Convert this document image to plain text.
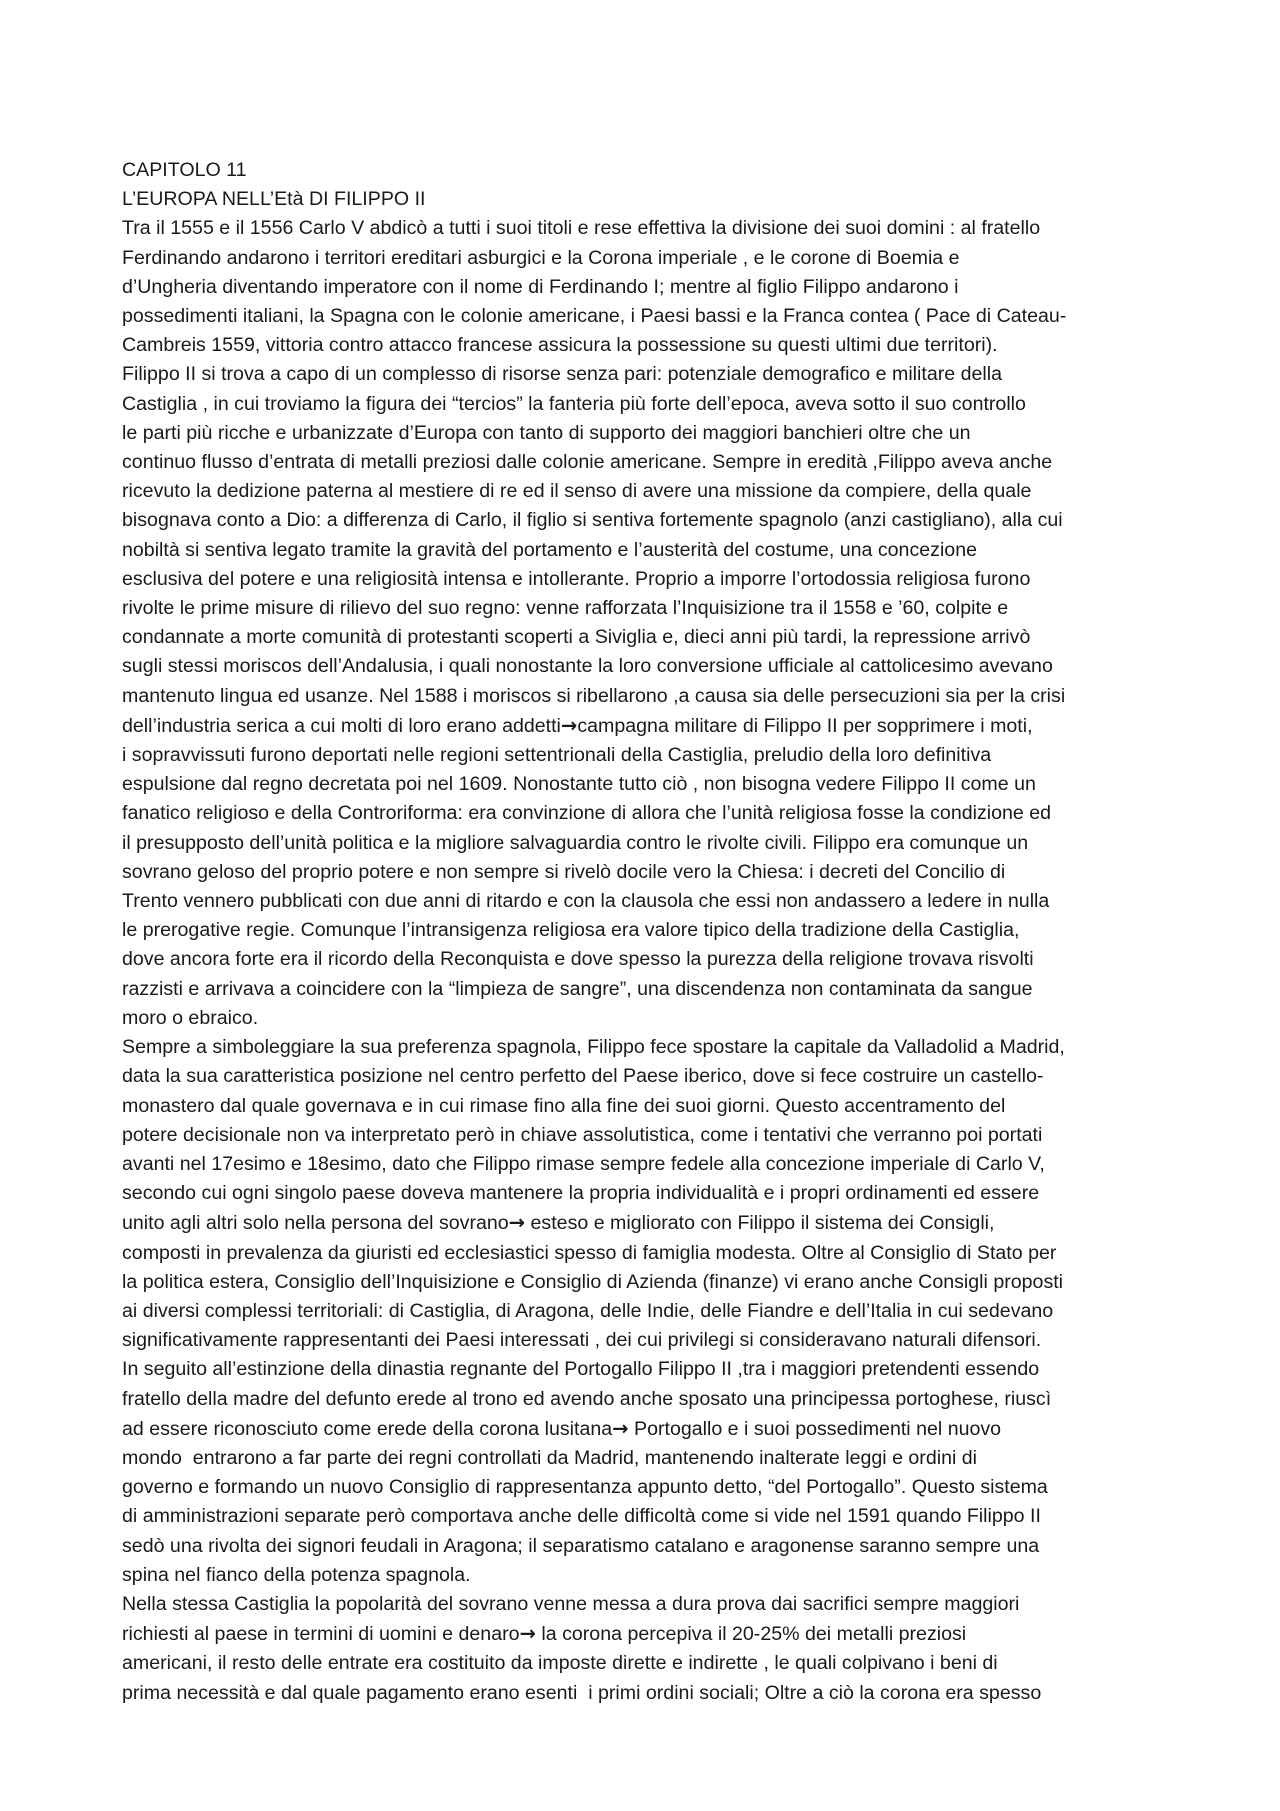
CAPITOLO 11
L’EUROPA NELL’Età DI FILIPPO II
Tra il 1555 e il 1556 Carlo V abdicò a tutti i suoi titoli e rese effettiva la divisione dei suoi domini : al fratello
Ferdinando andarono i territori ereditari asburgici e la Corona imperiale , e le corone di Boemia e
d’Ungheria diventando imperatore con il nome di Ferdinando I; mentre al figlio Filippo andarono i
possedimenti italiani, la Spagna con le colonie americane, i Paesi bassi e la Franca contea ( Pace di Cateau-
Cambreis 1559, vittoria contro attacco francese assicura la possessione su questi ultimi due territori).
Filippo II si trova a capo di un complesso di risorse senza pari: potenziale demografico e militare della
Castiglia , in cui troviamo la figura dei “tercios” la fanteria più forte dell’epoca, aveva sotto il suo controllo
le parti più ricche e urbanizzate d’Europa con tanto di supporto dei maggiori banchieri oltre che un
continuo flusso d’entrata di metalli preziosi dalle colonie americane. Sempre in eredità ,Filippo aveva anche
ricevuto la dedizione paterna al mestiere di re ed il senso di avere una missione da compiere, della quale
bisognava conto a Dio: a differenza di Carlo, il figlio si sentiva fortemente spagnolo (anzi castigliano), alla cui
nobiltà si sentiva legato tramite la gravità del portamento e l’austerità del costume, una concezione
esclusiva del potere e una religiosità intensa e intollerante. Proprio a imporre l’ortodossia religiosa furono
rivolte le prime misure di rilievo del suo regno: venne rafforzata l’Inquisizione tra il 1558 e ’60, colpite e
condannate a morte comunità di protestanti scoperti a Siviglia e, dieci anni più tardi, la repressione arrivò
sugli stessi moriscos dell’Andalusia, i quali nonostante la loro conversione ufficiale al cattolicesimo avevano
mantenuto lingua ed usanze. Nel 1588 i moriscos si ribellarono ,a causa sia delle persecuzioni sia per la crisi
dell’industria serica a cui molti di loro erano addetti→campagna militare di Filippo II per sopprimere i moti,
i sopravvissuti furono deportati nelle regioni settentrionali della Castiglia, preludio della loro definitiva
espulsione dal regno decretata poi nel 1609. Nonostante tutto ciò , non bisogna vedere Filippo II come un
fanatico religioso e della Controriforma: era convinzione di allora che l’unità religiosa fosse la condizione ed
il presupposto dell’unità politica e la migliore salvaguardia contro le rivolte civili. Filippo era comunque un
sovrano geloso del proprio potere e non sempre si rivelò docile vero la Chiesa: i decreti del Concilio di
Trento vennero pubblicati con due anni di ritardo e con la clausola che essi non andassero a ledere in nulla
le prerogative regie. Comunque l’intransigenza religiosa era valore tipico della tradizione della Castiglia,
dove ancora forte era il ricordo della Reconquista e dove spesso la purezza della religione trovava risvolti
razzisti e arrivava a coincidere con la “limpieza de sangre”, una discendenza non contaminata da sangue
moro o ebraico.
Sempre a simboleggiare la sua preferenza spagnola, Filippo fece spostare la capitale da Valladolid a Madrid,
data la sua caratteristica posizione nel centro perfetto del Paese iberico, dove si fece costruire un castello-
monastero dal quale governava e in cui rimase fino alla fine dei suoi giorni. Questo accentramento del
potere decisionale non va interpretato però in chiave assolutistica, come i tentativi che verranno poi portati
avanti nel 17esimo e 18esimo, dato che Filippo rimase sempre fedele alla concezione imperiale di Carlo V,
secondo cui ogni singolo paese doveva mantenere la propria individualità e i propri ordinamenti ed essere
unito agli altri solo nella persona del sovrano→ esteso e migliorato con Filippo il sistema dei Consigli,
composti in prevalenza da giuristi ed ecclesiastici spesso di famiglia modesta. Oltre al Consiglio di Stato per
la politica estera, Consiglio dell’Inquisizione e Consiglio di Azienda (finanze) vi erano anche Consigli proposti
ai diversi complessi territoriali: di Castiglia, di Aragona, delle Indie, delle Fiandre e dell’Italia in cui sedevano
significativamente rappresentanti dei Paesi interessati , dei cui privilegi si consideravano naturali difensori.
In seguito all’estinzione della dinastia regnante del Portogallo Filippo II ,tra i maggiori pretendenti essendo
fratello della madre del defunto erede al trono ed avendo anche sposato una principessa portoghese, riuscì
ad essere riconosciuto come erede della corona lusitana→ Portogallo e i suoi possedimenti nel nuovo
mondo  entrarono a far parte dei regni controllati da Madrid, mantenendo inalterate leggi e ordini di
governo e formando un nuovo Consiglio di rappresentanza appunto detto, “del Portogallo”. Questo sistema
di amministrazioni separate però comportava anche delle difficoltà come si vide nel 1591 quando Filippo II
sedò una rivolta dei signori feudali in Aragona; il separatismo catalano e aragonense saranno sempre una
spina nel fianco della potenza spagnola.
Nella stessa Castiglia la popolarità del sovrano venne messa a dura prova dai sacrifici sempre maggiori
richiesti al paese in termini di uomini e denaro→ la corona percepiva il 20-25% dei metalli preziosi
americani, il resto delle entrate era costituito da imposte dirette e indirette , le quali colpivano i beni di
prima necessità e dal quale pagamento erano esenti  i primi ordini sociali; Oltre a ciò la corona era spesso
